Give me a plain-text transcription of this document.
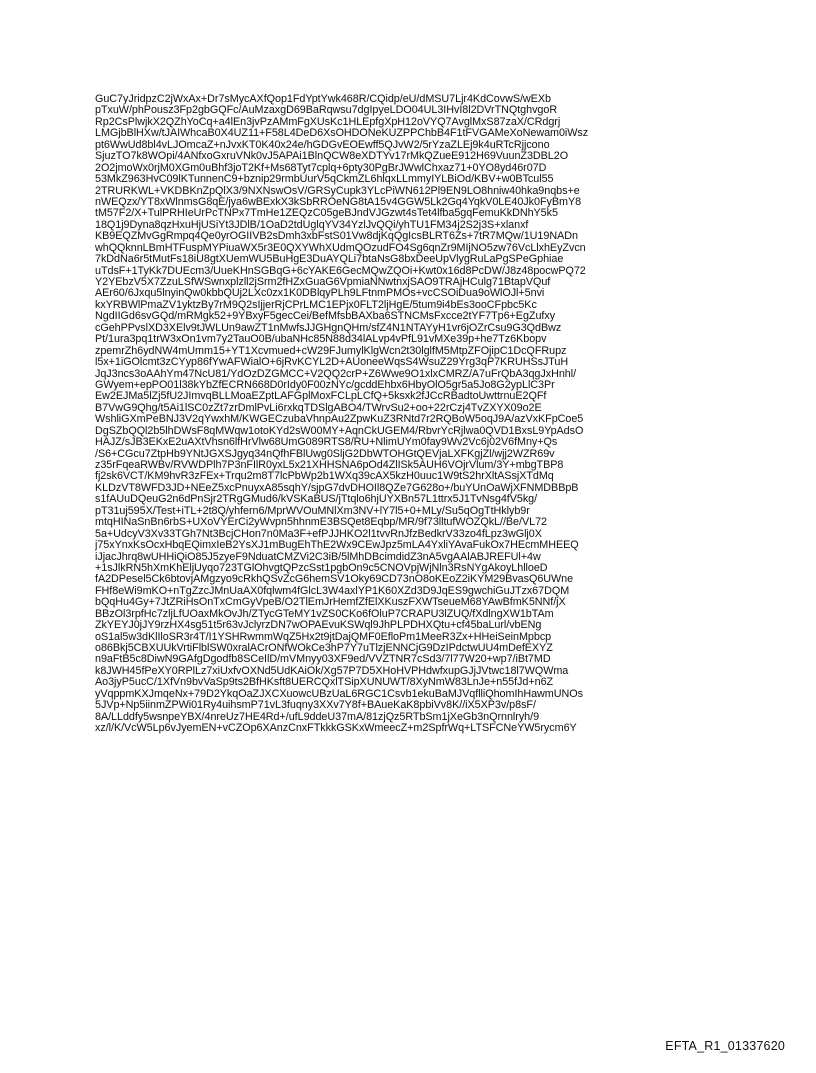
GuC7yJridpzC2jWxAx+Dr7sMycAXfQop1FdYptYwk468R/CQidp/eU/dMSU7Ljr4KdCovwS/wEXb
pTxuW/phPousz3Fp2gbGQFc/AuMzaxgD69BaRqwsu7dgIpyeLDO04UL3IHvI8l2DVrTNQtghvgoR
Rp2CsPlwjkX2QZhYoCq+a4lEn3jvPzAMmFgXUsKc1HLEpfgXpH12oVYQ7AvglMxS87zaX/CRdgrj
LMGjbBlHXw/tJAIWhcaB0X4UZ11+F58L4DeD6XsOHDONeKUZPPChbB4F1tFVGAMeXoNewam0iWsz
pt6WwUd8bl4vLJOmcaZ+nJvxKT0K40x24e/hGDGvEOEwff5QJvW2/5rYzaZLEj9k4uRTcRjjcono
SjuzTO7k8WOpi/4ANfxoGxruVNk0vJ5APAi1BlnQCW8eXDTYv17rMkQZueE912H69VuunZ3DBL2O
2O2jmoWx0rjM0XGm0uBhf3joT2Kf+Ms68Tyt7cplq+6pty30PgBrJWwlChxaz71+0YO8yd46r07D
53MkZ963HvC09lKTunnenC9+bznip29rmbUurV5qCkmZL6hlqxLLmmyIYLBiOd/KBV+w0BTcul55
2TRURKWL+VKDBKnZpQlX3/9NXNswOsV/GRSyCupk3YLcPiWN612Pl9EN9LO8hniw40hka9nqbs+e
nWEQzx/YT8xWlnmsG8qE/jya6wBExkX3kSbRROeNG8tA15v4GGW5Lk2Gq4YqkV0LE40Jk0FyBmY8
tM57F2/X+TulPRHIeUrPcTNPx7TmHe1ZEQzC05geBJndVJGzwt4sTet4lfba5gqFemuKkDNhY5k5
18Q1j9Dyna8qzHxuHjUSiYt3JDlB/1OaD2tdUglqYV34YzlJvQQi/yhTU1FM34j2S2j3S+xlanxf
KB9EQZMvGgRmpq4Qe0yrOGIIVB2sDmh3xbFstS01Vw8djKqQgIcsBLRT6Zs+7tR7MQw/1U19NADn
whQQknnLBmHTFuspMYPiuaWX5r3E0QXYWhXUdmQOzudFO4Sg6qnZr9MIjNO5zw76VcLlxhEyZvcn
7kDdNa6r5tMutFs18iU8gtXUemWU5BuHgE3DuAYQLi7btaNsG8bxDeeUpVlygRuLaPgSPeGphiae
uTdsF+1TyKk7DUEcm3/UueKHnSGBqG+6cYAKE6GecMQwZQOi+Kwt0x16d8PcDW/J8z48pocwPQ72
Y2YEbzV5X7ZzuLSfWSwnxplzll2jSrm2fHZxGuaG6VpmiaNNwtnxjSAO9TRAjHCulg71BtapVQuf
AEr60/6Jxqu5lnyinQw0kbbQUj2LXc0zx1K0DBlqyPLh9LFtnmPMOs+vcCSOiDua9oWlOJl+5nvi
kxYRBWlPmaZV1yktzBy7rM9Q2sIjjerRjCPrLMC1EPjx0FLT2ljHgE/5tum9i4bEs3ooCFpbc5Kc
NgdIIGd6svGQd/mRMgk52+9YBxyF5gecCei/BefMfsbBAXba6STNCMsFxcce2tYF7Tp6+EgZufxy
cGehPPvslXD3XElv9tJWLUn9awZT1nMwfsJJGHgnQHm/sfZ4N1NTAYyH1vr6jOZrCsu9G3QdBwz
Pt/1ura3pq1trW3xOn1vm7y2TauO0B/ubaNHc85N88d34lALvp4vPfL91vMXe39p+he7Tz6Kbopv
zpemrZh6ydNW4mUmm15+YT1Xcvmued+cW29FJumylKlgWcn2t30lglfM5MtpZFOjipC1DcQFRupz
l5x+1iGOlcmt3zCYyp86fYwAFWialO+6jRvKCYL2D+AUoneeWqsS4WsuZ29Yrg3qP7KRUHSsJTuH
JqJ3ncs3oAAhYm47NcU81/YdOzDZGMCC+V2QQ2crP+Z6Wwe9O1xlxCMRZ/A7uFrQbA3qgJxHnhl/
GWyem+epPO01l38kYbZfECRN668D0rIdy0F00zNYc/gcddEhbx6HbyOlO5gr5a5Jo8G2ypLlC3Pr
Ew2EJMa5lZj5fU2JImvqBLLMoaEZptLAFGplMoxFCLpLCfQ+5ksxk2fJCcRBadtoUwttrnuE2QFf
B7VwG9Qhg/t5Ai1lSC0zZt7zrDmlPvLi6rxkqTDSlgABO4/TWrvSu2+oo+22rCzj4TvZXYX09o2E
WshliGXmPeBNJ3V2qYwxhM/KWGECzubaVhnpAu2ZpwKuZ3RNtd7r2RQBoW5oqJ9A/azVxKFpCoe5
DgSZbQQl2b5lhDWsF8qMWqw1otoKYd2sW00MY+AqnCkUGEM4/RbvrYcRjlwa0QVD1BxsL9YpAdsO
HAJZ/sJB3EKxE2uAXtVhsn6lfHrVlw68UmG089RTS8/RU+NlimUYm0fay9Wv2Vc6j02V6fMny+Qs
/S6+CGcu7ZtpHb9YNtJGXSJgyq34nQfhFBlUwg0SljG2DbWTOHGtQEVjaLXFKgjZl/wjj2WZR69v
z35rFqeaRWBv/RVWDPlh7P3nFIlR0yxL5x21XHHSNA6pOd4ZlISk5AUH6VOjrVlum/3Y+mbgTBP8
fj2sk6VCT/KM9hvR3zFEx+Trqu2m8T7lcPbWp2b1WXq39cAX5kzH0uuc1W9tS2hrXltASsjXTdMq
KLDzVT8WFD3JD+NEeZ5xcPnuyxA85sqhY/sjpG7dvDHOIl8QZe7G628o+/buYUnOaWjXFNMDBBpB
s1fAUuDQeuG2n6dPnSjr2TRgGMud6/kVSKaBUS/jTtqlo6hjUYXBn57L1ttrx5J1TvNsg4fV5kg/
pT31uj595X/Test+iTL+2t8Q/yhfern6/MprWVOuMNlXm3NV+lY7l5+0+MLy/Su5qOgTtHklyb9r
mtqHINaSnBn6rbS+UXoVYErCi2yWvpn5hhnmE3BSQet8Eqbp/MR/9f73lltufWOZQkL//Be/VL72
5a+UdcyV3Xv33TGh7Nt3BcjCHon7n0Ma3F+efPJJHKO2l1tvvRnJfzBedkrV33zo4fLpz3wGlj0X
j75xYnxKsOcxHbqEQimxIeB2YsXJ1mBugEhThE2Wx9CEwJpz5mLA4YxliYAvaFukOx7HEcmMHEEQ
iJjacJhrq8wUHHiQiO85J5zyeF9NduatCMZVi2C3iB/5lMhDBcimdidZ3nA5vgAAlABJREFUl+4w
+1sJlkRN5hXmKhEljUyqo723TGlOhvgtQPzcSst1pgbOn9c5CNOVpjWjNln3RsNYgAkoyLhlloeD
fA2DPesel5Ck6btovjAMgzyo9cRkhQSvZcG6hemSV1Oky69CD73nO8oKEoZ2iKYM29BvasQ6UWne
FHf8eWi9mKO+nTgZzcJMnUaAX0fqlwm4fGlcL3W4axlYP1K60XZd3D9JqES9gwchiGuJTzx67DQM
bQqHu4Gy+7JtZRiHsOnTxCmGyVpeB/O2TlEmJrHemfZfElXKuszFXWTseueM68YAwBfmK5NNf/jX
BBzOl3rpfHc7zljLfUOaxMkOvJh/ZTycGTeMY1vZS0CKo6fOluP7CRAPU3lZUQ/fXdlngXW1bTAm
ZkYEYJ0jJY9rzHX4sg51t5r63vJclyrzDN7wOPAEvuKSWql9JhPLPDHXQtu+cf45baLurl/vbENg
oS1al5w3dKlIloSR3r4T/I1YSHRwmmWqZ5Hx2t9jtDajQMF0EfloPm1MeeR3Zx+HHeiSeinMpbcp
o86Bkj5CBXUUkVrtiFlblSW0xralACrONfWOkCe3hP7Y7uTlzjENNCjG9DzIPdctwUU4mDefEXYZ
n9aFtB5c8DiwN9GAfgDgodfb8SCeIlD/mVMnyy03XF9ed/VVZTNR7cSd3/7l77W20+wp7/iBt7MD
k8JWH45fPeXY0RPlLz7xiUxfvOXNd5UdKAiOk/Xg57P7D5XHoHVPHdwfxupGJjJVtwc18l7WQWma
Ao3jyP5ucC/1XfVn9bvVaSp9ts2BfHKsft8UERCQxlTSipXUNUWT/8XyNmW83LnJe+n55fJd+n6Z
yVqppmKXJmqeNx+79D2YkqOaZJXCXuowcUBzUaL6RGC1Csvb1ekuBaMJVqflliQhomIhHawmUNOs
5JVp+Np5iinmZPWi01Ry4uihsmP71vL3fuqny3XXv7Y8f+BAueKaK8pbiVv8K//iX5XP3v/p8sF/
8A/LLddfy5wsnpeYBX/4nreUz7HE4Rd+/ufL9ddeU37mA/81zjQz5RTbSm1jXeGb3nQrnnlryh/9
xz/l/K/VcW5Lp6vJyemEN+vCZOp6XAnzCnxFTkkkGSKxWmeecZ+m2SpfrWq+LTSFCNeYW5rycm6Y
EFTA_R1_01337620
